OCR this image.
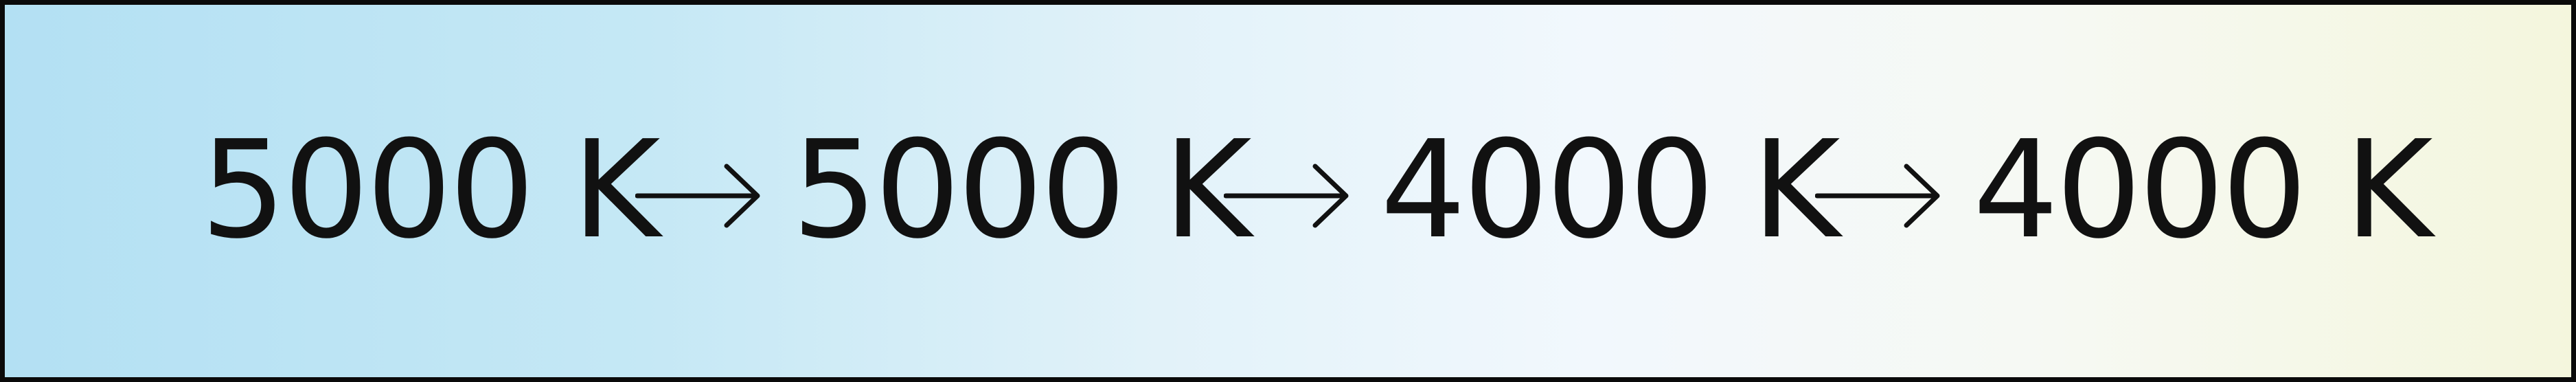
5000 K 5000 K 4000 K 4000 K
